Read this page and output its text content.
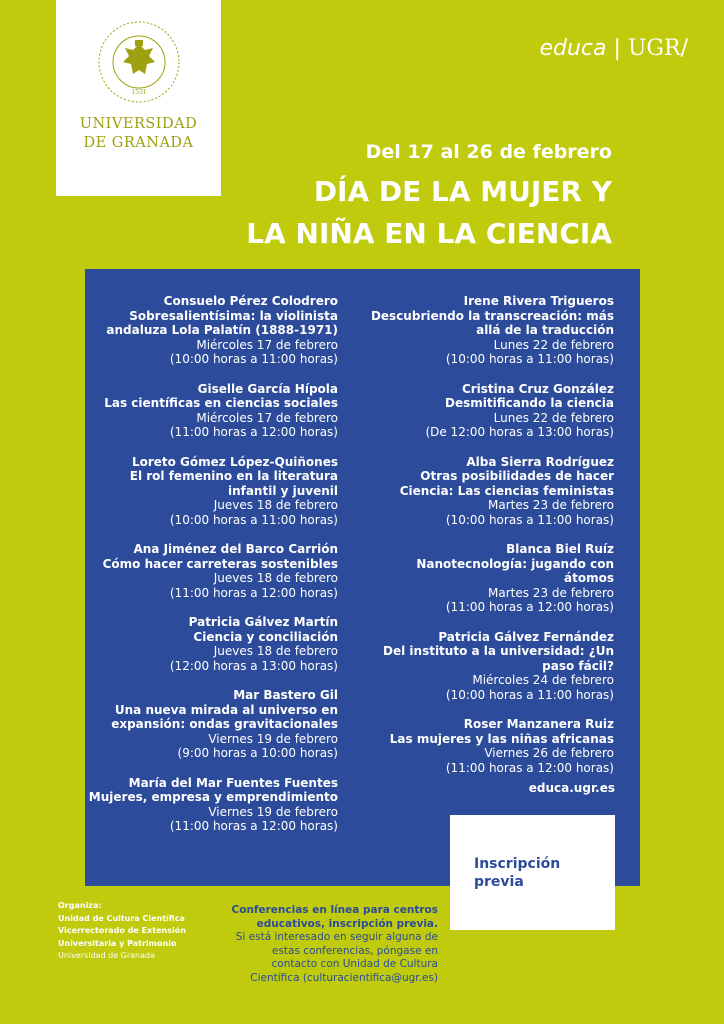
1531
UNIVERSIDAD
DE GRANADA
educa | UGR/
Del 17 al 26 de febrero
DÍA DE LA MUJER Y
LA NIÑA EN LA CIENCIA
Consuelo Pérez Colodrero
Sobresalientísima: la violinista andaluza Lola Palatín (1888-1971)
Miércoles 17 de febrero
(10:00 horas a 11:00 horas)
Giselle García Hípola
Las científicas en ciencias sociales
Miércoles 17 de febrero
(11:00 horas a 12:00 horas)
Loreto Gómez López-Quiñones
El rol femenino en la literatura infantil y juvenil
Jueves 18 de febrero
(10:00 horas a 11:00 horas)
Ana Jiménez del Barco Carrión
Cómo hacer carreteras sostenibles
Jueves 18 de febrero
(11:00 horas a 12:00 horas)
Patricia Gálvez Martín
Ciencia y conciliación
Jueves 18 de febrero
(12:00 horas a 13:00 horas)
Mar Bastero Gil
Una nueva mirada al universo en expansión: ondas gravitacionales
Viernes 19 de febrero
(9:00 horas a 10:00 horas)
María del Mar Fuentes Fuentes
Mujeres, empresa y emprendimiento
Viernes 19 de febrero
(11:00 horas a 12:00 horas)
Irene Rivera Trigueros
Descubriendo la transcreación: más allá de la traducción
Lunes 22 de febrero
(10:00 horas a 11:00 horas)
Cristina Cruz González
Desmitificando la ciencia
Lunes 22 de febrero
(De 12:00 horas a 13:00 horas)
Alba Sierra Rodríguez
Otras posibilidades de hacer Ciencia: Las ciencias feministas
Martes 23 de febrero
(10:00 horas a 11:00 horas)
Blanca Biel Ruíz
Nanotecnología: jugando con átomos
Martes 23 de febrero
(11:00 horas a 12:00 horas)
Patricia Gálvez Fernández
Del instituto a la universidad: ¿Un paso fácil?
Miércoles 24 de febrero
(10:00 horas a 11:00 horas)
Roser Manzanera Ruiz
Las mujeres y las niñas africanas
Viernes 26 de febrero
(11:00 horas a 12:00 horas)
educa.ugr.es
Inscripción
previa
Organiza:
Unidad de Cultura Científica
Vicerrectorado de Extensión
Universitaria y Patrimonio
Universidad de Granada
Conferencias en línea para centros educativos, inscripción previa.
Si está interesado en seguir alguna de estas conferencias, póngase en contacto con Unidad de Cultura Científica (culturacientifica@ugr.es)
